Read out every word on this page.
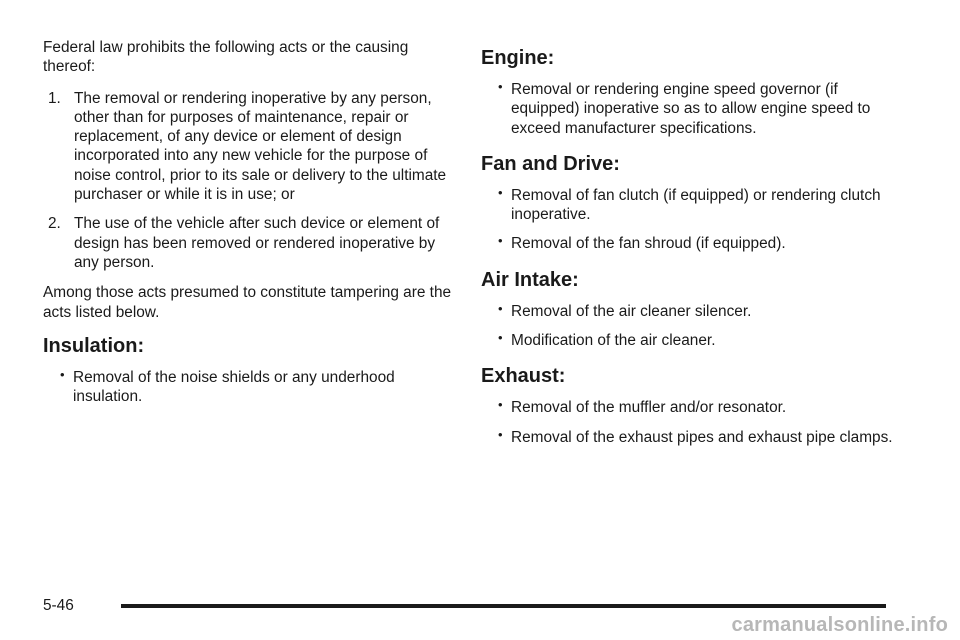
Federal law prohibits the following acts or the causing thereof:

1. The removal or rendering inoperative by any person, other than for purposes of maintenance, repair or replacement, of any device or element of design incorporated into any new vehicle for the purpose of noise control, prior to its sale or delivery to the ultimate purchaser or while it is in use; or
2. The use of the vehicle after such device or element of design has been removed or rendered inoperative by any person.

Among those acts presumed to constitute tampering are the acts listed below.

Insulation:
• Removal of the noise shields or any underhood insulation.
Engine:
• Removal or rendering engine speed governor (if equipped) inoperative so as to allow engine speed to exceed manufacturer specifications.
Fan and Drive:
• Removal of fan clutch (if equipped) or rendering clutch inoperative.
• Removal of the fan shroud (if equipped).
Air Intake:
• Removal of the air cleaner silencer.
• Modification of the air cleaner.
Exhaust:
• Removal of the muffler and/or resonator.
• Removal of the exhaust pipes and exhaust pipe clamps.
5-46
carmanualsonline.info
